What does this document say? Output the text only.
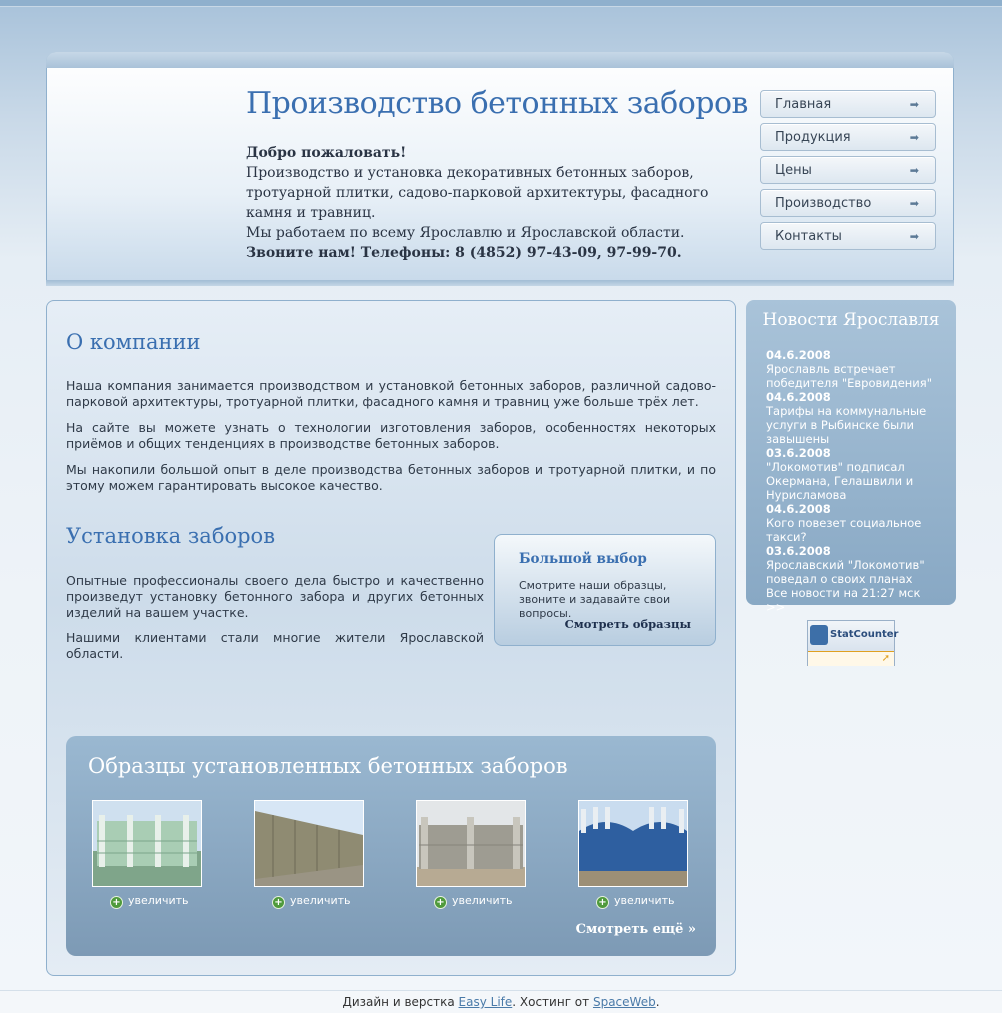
Производство бетонных заборов

Добро пожаловать!

Производство и установка декоративных бетонных заборов, тротуарной плитки, садово-парковой архитектуры, фасадного камня и травниц.

Мы работаем по всему Ярославлю и Ярославской области.

Звоните нам! Телефоны: 8 (4852) 97-43-09, 97-99-70.

Главная	➡
Продукция	➡
Цены	➡
Производство	➡
Контакты	➡
О компании

Наша компания занимается производством и установкой бетонных заборов, различной садово-парковой архитектуры, тротуарной плитки, фасадного камня и травниц уже больше трёх лет.

На сайте вы можете узнать о технологии изготовления заборов, особенностях некоторых приёмов и общих тенденциях в производстве бетонных заборов.

Мы накопили большой опыт в деле производства бетонных заборов и тротуарной плитки, и по этому можем гарантировать высокое качество.

Установка заборов

Опытные профессионалы своего дела быстро и качественно произведут установку бетонного забора и других бетонных изделий на вашем участке.

Нашими клиентами стали многие жители Ярославской области.

Большой выбор

Смотрите наши образцы, звоните и задавайте свои вопросы.

Смотреть образцы
Образцы установленных бетонных заборов
+ увеличить	+ увеличить	+ увеличить	+ увеличить
Смотреть ещё »
Новости Ярославля
04.6.2008
Ярославль встречает победителя "Евровидения"
04.6.2008
Тарифы на коммунальные услуги в Рыбинске были завышены
03.6.2008
"Локомотив" подписал Окермана, Гелашвили и Нурисламова
04.6.2008
Кого повезет социальное такси?
03.6.2008
Ярославский "Локомотив" поведал о своих планах
Все новости на 21:27 мск >>
StatCounter
➚
Дизайн и верстка Easy Life. Хостинг от SpaceWeb.
